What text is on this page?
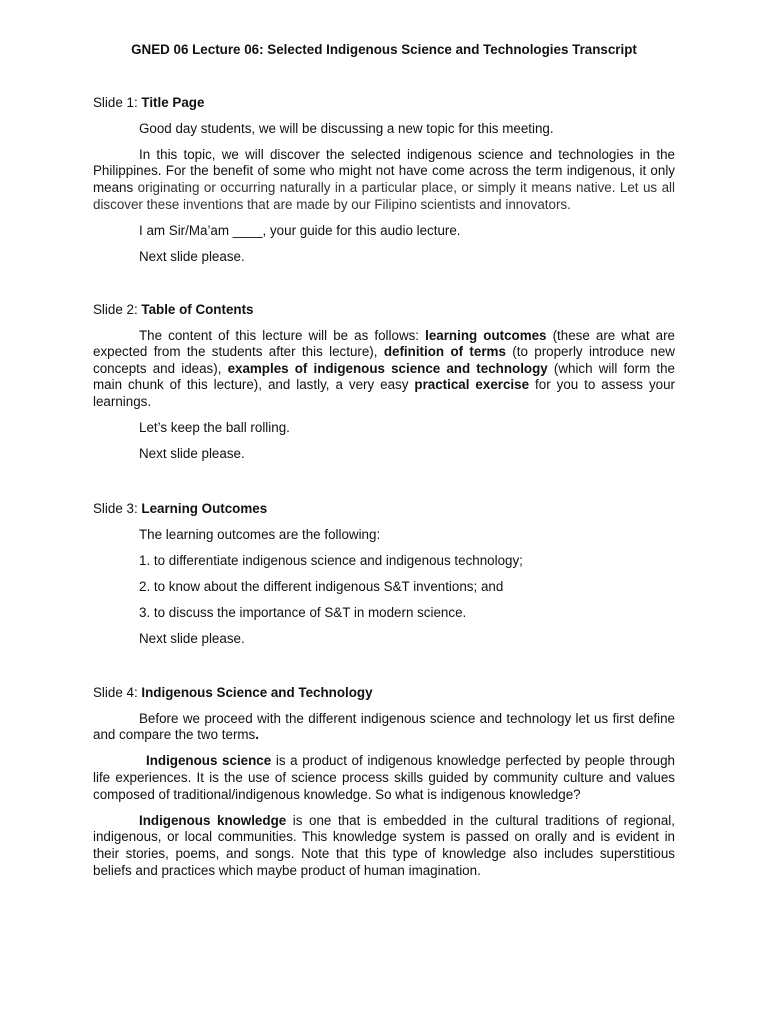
GNED 06 Lecture 06: Selected Indigenous Science and Technologies Transcript

Slide 1: Title Page

Good day students, we will be discussing a new topic for this meeting.

In this topic, we will discover the selected indigenous science and technologies in the Philippines. For the benefit of some who might not have come across the term indigenous, it only means originating or occurring naturally in a particular place, or simply it means native. Let us all discover these inventions that are made by our Filipino scientists and innovators.

I am Sir/Ma’am ____, your guide for this audio lecture.

Next slide please.

Slide 2: Table of Contents

The content of this lecture will be as follows: learning outcomes (these are what are expected from the students after this lecture), definition of terms (to properly introduce new concepts and ideas), examples of indigenous science and technology (which will form the main chunk of this lecture), and lastly, a very easy practical exercise for you to assess your learnings.

Let’s keep the ball rolling.

Next slide please.

Slide 3: Learning Outcomes

The learning outcomes are the following:

1. to differentiate indigenous science and indigenous technology;

2. to know about the different indigenous S&T inventions; and

3. to discuss the importance of S&T in modern science.

Next slide please.

Slide 4: Indigenous Science and Technology

Before we proceed with the different indigenous science and technology let us first define and compare the two terms.

Indigenous science is a product of indigenous knowledge perfected by people through life experiences. It is the use of science process skills guided by community culture and values composed of traditional/indigenous knowledge. So what is indigenous knowledge?

Indigenous knowledge is one that is embedded in the cultural traditions of regional, indigenous, or local communities. This knowledge system is passed on orally and is evident in their stories, poems, and songs. Note that this type of knowledge also includes superstitious beliefs and practices which maybe product of human imagination.
